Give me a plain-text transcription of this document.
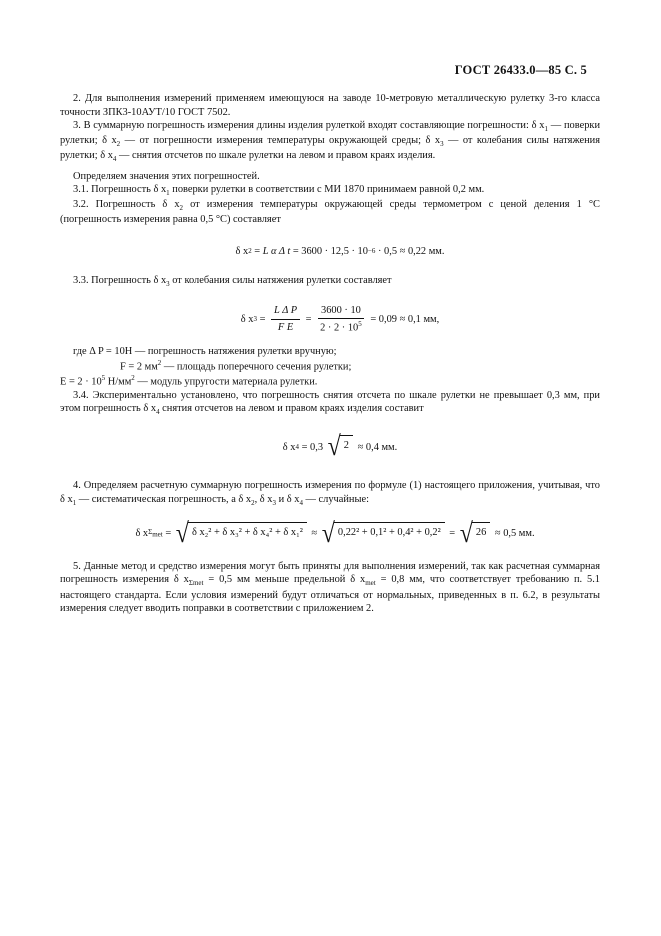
ГОСТ 26433.0—85 С. 5

2. Для выполнения измерений применяем имеющуюся на заводе 10-метровую металлическую рулетку 3-го класса точности ЗПК3-10АУТ/10 ГОСТ 7502.

3. В суммарную погрешность измерения длины изделия рулеткой входят составляющие погрешности: δ $x_1$ — поверки рулетки; δ $x_2$ — от погрешности измерения температуры окружающей среды; δ $x_3$ — от колебания силы натяжения рулетки; δ $x_4$ — снятия отсчетов по шкале рулетки на левом и правом краях изделия.

Определяем значения этих погрешностей.

3.1. Погрешность δ $x_1$ поверки рулетки в соответствии с МИ 1870 принимаем равной 0,2 мм.

3.2. Погрешность δ $x_2$ от измерения температуры окружающей среды термометром с ценой деления 1 °С (погрешность измерения равна 0,5 °С) составляет

δ x 2 = L α Δ t = 3600 · 12,5 · 10 −6 · 0,5 ≈ 0,22 мм.

3.3. Погрешность δ $x_3$ от колебания силы натяжения рулетки составляет

δ x $3 = \frac{\text{L Δ P}}{\text{F E}} = \frac{3600 \cdot 10}{2 \cdot 2 \cdot 10^5} = 0,09 \approx 0,1$ мм,

где Δ P = 10Н — погрешность натяжения рулетки вручную;

F = 2 $мм^2$ — площадь поперечного сечения рулетки;

$E = 2 \cdot 10^5$ $Н/мм^2$ — модуль упругости материала рулетки.

3.4. Экспериментально установлено, что погрешность снятия отсчета по шкале рулетки не превышает 0,3 мм, при этом погрешность δ $x_4$ снятия отсчетов на левом и правом краях изделия составит

δ x 4 = 0,3 √ 2 ≈ 0,4 мм.

4. Определяем расчетную суммарную погрешность измерения по формуле (1) настоящего приложения, учитывая, что δ $x_1$ — систематическая погрешность, а δ $x_2$, δ $x_3$ и δ $x_4$ — случайные:

δ x $\Sigma_{met}$ = √ δ x₂² + δ x₃² + δ x₄² + δ x₁² ≈ √ 0,22² + 0,1² + 0,4² + 0,2² = √ 26 ≈ 0,5 мм.

5. Данные метод и средство измерения могут быть приняты для выполнения измерений, так как расчетная суммарная погрешность измерения δ $x_{\Sigma met} = 0,5$ мм меньше предельной δ $x_{met} = 0,8$ мм, что соответствует требованию п. 5.1 настоящего стандарта. Если условия измерений будут отличаться от нормальных, приведенных в п. 6.2, в результаты измерения следует вводить поправки в соответствии с приложением 2.
